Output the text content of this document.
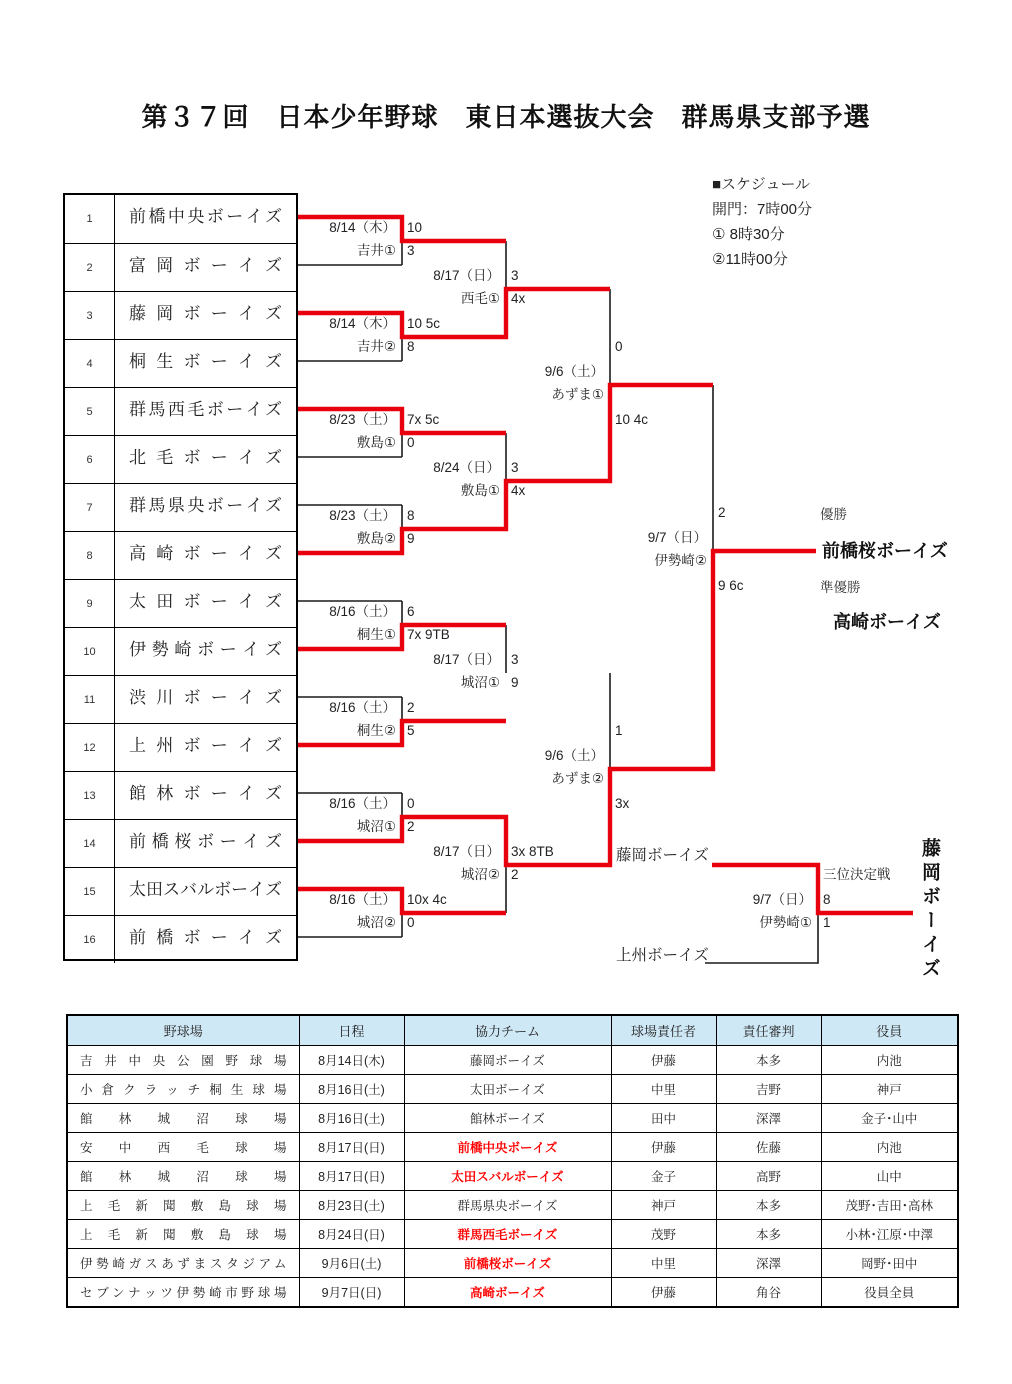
第３７回　日本少年野球　東日本選抜大会　群馬県支部予選
■スケジュール
開門：7時00分
① 8時30分
②11時00分
1	前橋中央ボーイズ
2	富岡ボーイズ
3	藤岡ボーイズ
4	桐生ボーイズ
5	群馬西毛ボーイズ
6	北毛ボーイズ
7	群馬県央ボーイズ
8	高崎ボーイズ
9	太田ボーイズ
10	伊勢崎ボーイズ
11	渋川ボーイズ
12	上州ボーイズ
13	館林ボーイズ
14	前橋桜ボーイズ
15	太田スバルボーイズ
16	前橋ボーイズ
8/14（木）
吉井①
10
3
8/14（木）
吉井②
10 5c
8
8/23（土）
敷島①
7x 5c
0
8/23（土）
敷島②
8
9
8/16（土）
桐生①
6
7x 9TB
8/16（土）
桐生②
2
5
8/16（土）
城沼①
0
2
8/16（土）
城沼②
10x 4c
0
8/17（日）
西毛①
3
4x
8/24（日）
敷島①
3
4x
8/17（日）
城沼①
3
9
8/17（日）
城沼②
3x 8TB
2
9/6（土）
あずま①
0
10 4c
9/6（土）
あずま②
1
3x
9/7（日）
伊勢崎②
2
9 6c
三位決定戦
9/7（日）
伊勢崎①
8
1
藤岡ボーイズ
上州ボーイズ	藤岡ボーイズ
優勝
前橋桜ボーイズ
準優勝
高崎ボーイズ
野球場	日程	協力チーム	球場責任者	責任審判	役員
吉井中央公園野球場	8月14日(木)	藤岡ボーイズ	伊藤	本多	内池
小倉クラッチ桐生球場	8月16日(土)	太田ボーイズ	中里	吉野	神戸
館林城沼球場	8月16日(土)	館林ボーイズ	田中	深澤	金子･山中
安中西毛球場	8月17日(日)	前橋中央ボーイズ	伊藤	佐藤	内池
館林城沼球場	8月17日(日)	太田スバルボーイズ	金子	高野	山中
上毛新聞敷島球場	8月23日(土)	群馬県央ボーイズ	神戸	本多	茂野･吉田･高林
上毛新聞敷島球場	8月24日(日)	群馬西毛ボーイズ	茂野	本多	小林･江原･中澤
伊勢崎ガスあずまスタジアム	9月6日(土)	前橋桜ボーイズ	中里	深澤	岡野･田中
セブンナッツ伊勢崎市野球場	9月7日(日)	高崎ボーイズ	伊藤	角谷	役員全員
